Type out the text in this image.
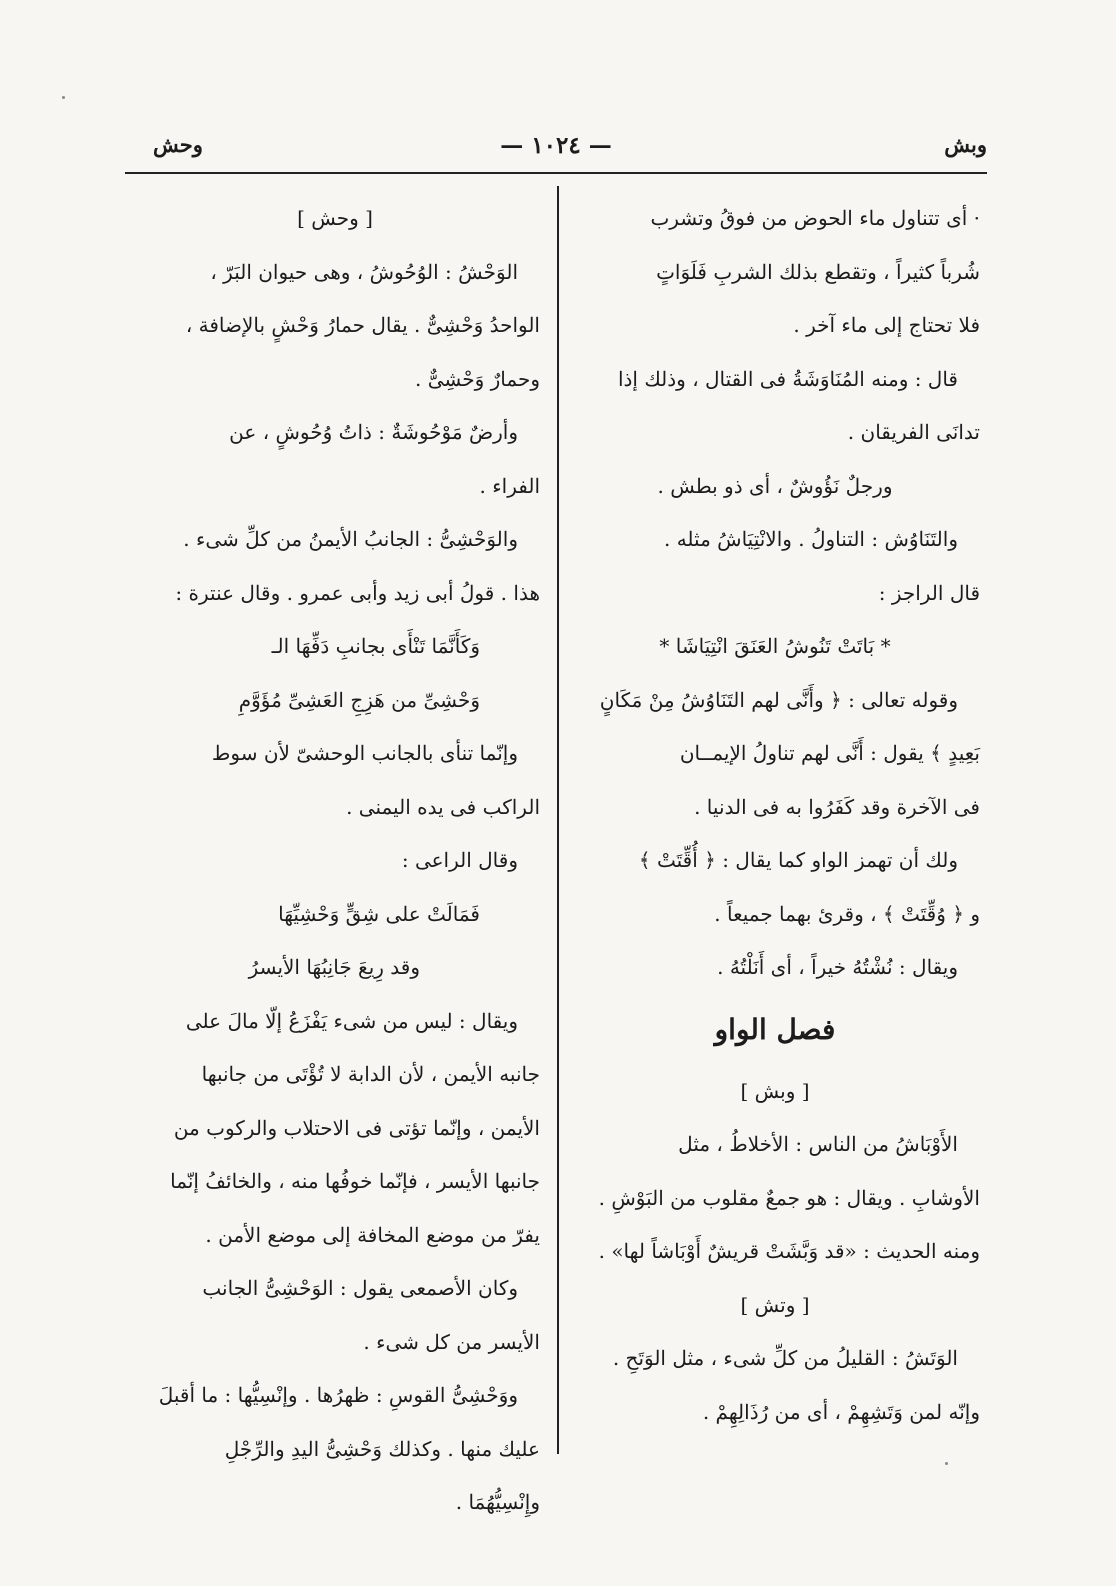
وبش
— ١٠٢٤ —
وحش

· أى تتناول ماء الحوض من فوقُ وتشرب

شُرباً كثيراً ، وتقطع بذلك الشربِ فَلَوَاتٍ

فلا تحتاج إلى ماء آخر .

قال : ومنه المُنَاوَشَةُ فى القتال ، وذلك إذا

تدانَى الفريقان .

ورجلٌ نَؤُوشٌ ، أى ذو بطش .

والتَنَاوُش : التناولُ . والانْتِيَاشُ مثله .

قال الراجز :

* بَاتَتْ تَنُوشُ العَنَقَ انْتِيَاشَا *

وقوله تعالى : ﴿ وأَنَّى لهم التَنَاوُشُ مِنْ مَكَانٍ

بَعِيدٍ ﴾ يقول : أَنَّى لهم تناولُ الإيمــان

فى الآخرة وقد كَفَرُوا به فى الدنيا .

ولك أن تهمز الواو كما يقال : ﴿ أُقِّتَتْ ﴾

و ﴿ وُقِّتَتْ ﴾ ، وقرئ بهما جميعاً .

ويقال : نُشْتُهُ خيراً ، أى أَنَلْتُهُ .

فصل الواو

[ وبش ]

الأَوْبَاشُ من الناس : الأخلاطُ ، مثل

الأوشابِ . ويقال : هو جمعٌ مقلوب من البَوْشِ .

ومنه الحديث : «قد وَبَّشَتْ قريشٌ أَوْبَاشاً لها» .

[ وتش ]

الوَتَشُ : القليلُ من كلِّ شىء ، مثل الوَتَحِ .

وإنّه لمن وَتَشِهِمْ ، أى من رُذَالِهِمْ .

[ وحش ]

الوَحْشُ : الوُحُوشُ ، وهى حيوان البَرّ ،

الواحدُ وَحْشِىٌّ . يقال حمارُ وَحْشٍ بالإضافة ،

وحمارٌ وَحْشِىٌّ .

وأرضٌ مَوْحُوشَةٌ : ذاتُ وُحُوشٍ ، عن

الفراء .

والوَحْشِىُّ : الجانبُ الأيمنُ من كلِّ شىء .

هذا . قولُ أبى زيد وأبى عمرو . وقال عنترة :

وَكَأَنَّمَا تَنْأَى بجانبِ دَفِّهَا الـ

وَحْشِىِّ من هَزِجِ العَشِىِّ مُؤَوَّمِ

وإنّما تنأى بالجانب الوحشىّ لأن سوط

الراكب فى يده اليمنى .

وقال الراعى :

فَمَالَتْ على شِقٍّ وَحْشِيِّهَا

وقد رِيعَ جَانِبُهَا الأيسرُ

ويقال : ليس من شىء يَفْزَعُ إلّا مالَ على

جانبه الأيمن ، لأن الدابة لا تُؤْتَى من جانبها

الأيمن ، وإنّما تؤتى فى الاحتلاب والركوب من

جانبها الأيسر ، فإنّما خوفُها منه ، والخائفُ إنّما

يفرّ من موضع المخافة إلى موضع الأمن .

وكان الأصمعى يقول : الوَحْشِىُّ الجانب

الأيسر من كل شىء .

ووَحْشِىُّ القوسِ : ظهرُها . وإنْسِيُّها : ما أقبلَ

عليك منها . وكذلك وَحْشِىُّ اليدِ والرِّجْلِ

وإِنْسِيُّهُمَا .
